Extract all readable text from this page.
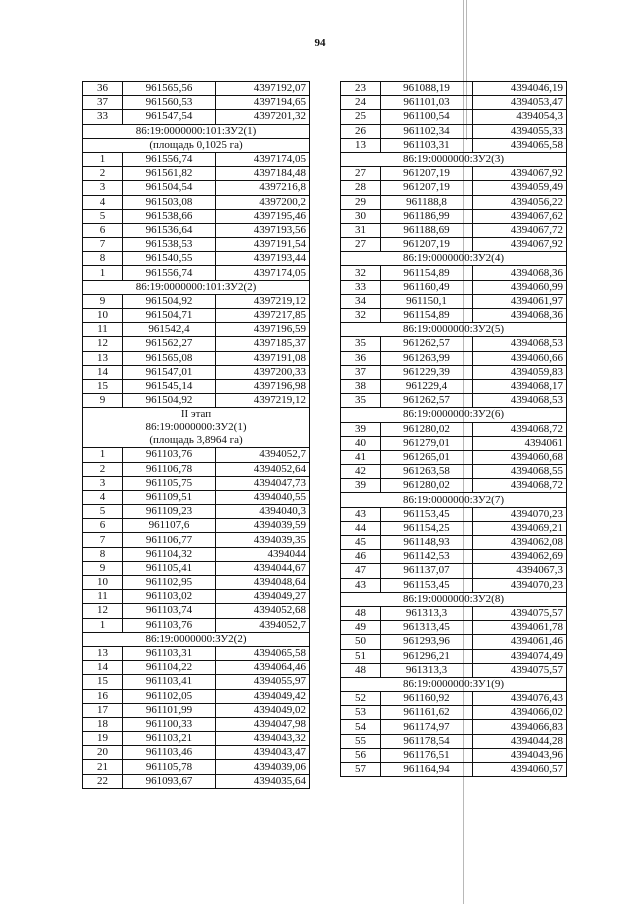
94
36	961565,56	4397192,07
37	961560,53	4397194,65
33	961547,54	4397201,32
86:19:0000000:101:ЗУ2(1)		
(площадь 0,1025 га)		
1	961556,74	4397174,05
2	961561,82	4397184,48
3	961504,54	4397216,8
4	961503,08	4397200,2
5	961538,66	4397195,46
6	961536,64	4397193,56
7	961538,53	4397191,54
8	961540,55	4397193,44
1	961556,74	4397174,05
86:19:0000000:101:ЗУ2(2)		
9	961504,92	4397219,12
10	961504,71	4397217,85
11	961542,4	4397196,59
12	961562,27	4397185,37
13	961565,08	4397191,08
14	961547,01	4397200,33
15	961545,14	4397196,98
9	961504,92	4397219,12

II этап
86:19:0000000:ЗУ2(1)
(площадь 3,8964 га)		

1	961103,76	4394052,7
2	961106,78	4394052,64
3	961105,75	4394047,73
4	961109,51	4394040,55
5	961109,23	4394040,3
6	961107,6	4394039,59
7	961106,77	4394039,35
8	961104,32	4394044
9	961105,41	4394044,67
10	961102,95	4394048,64
11	961103,02	4394049,27
12	961103,74	4394052,68
1	961103,76	4394052,7
86:19:0000000:ЗУ2(2)		
13	961103,31	4394065,58
14	961104,22	4394064,46
15	961103,41	4394055,97
16	961102,05	4394049,42
17	961101,99	4394049,02
18	961100,33	4394047,98
19	961103,21	4394043,32
20	961103,46	4394043,47
21	961105,78	4394039,06
22	961093,67	4394035,64
23	961088,19	4394046,19
24	961101,03	4394053,47
25	961100,54	4394054,3
26	961102,34	4394055,33
13	961103,31	4394065,58
86:19:0000000:ЗУ2(3)		
27	961207,19	4394067,92
28	961207,19	4394059,49
29	961188,8	4394056,22
30	961186,99	4394067,62
31	961188,69	4394067,72
27	961207,19	4394067,92
86:19:0000000:ЗУ2(4)		
32	961154,89	4394068,36
33	961160,49	4394060,99
34	961150,1	4394061,97
32	961154,89	4394068,36
86:19:0000000:ЗУ2(5)		
35	961262,57	4394068,53
36	961263,99	4394060,66
37	961229,39	4394059,83
38	961229,4	4394068,17
35	961262,57	4394068,53
86:19:0000000:ЗУ2(6)		
39	961280,02	4394068,72
40	961279,01	4394061
41	961265,01	4394060,68
42	961263,58	4394068,55
39	961280,02	4394068,72
86:19:0000000:ЗУ2(7)		
43	961153,45	4394070,23
44	961154,25	4394069,21
45	961148,93	4394062,08
46	961142,53	4394062,69
47	961137,07	4394067,3
43	961153,45	4394070,23
86:19:0000000:ЗУ2(8)		
48	961313,3	4394075,57
49	961313,45	4394061,78
50	961293,96	4394061,46
51	961296,21	4394074,49
48	961313,3	4394075,57
86:19:0000000:ЗУ1(9)		
52	961160,92	4394076,43
53	961161,62	4394066,02
54	961174,97	4394066,83
55	961178,54	4394044,28
56	961176,51	4394043,96
57	961164,94	4394060,57
